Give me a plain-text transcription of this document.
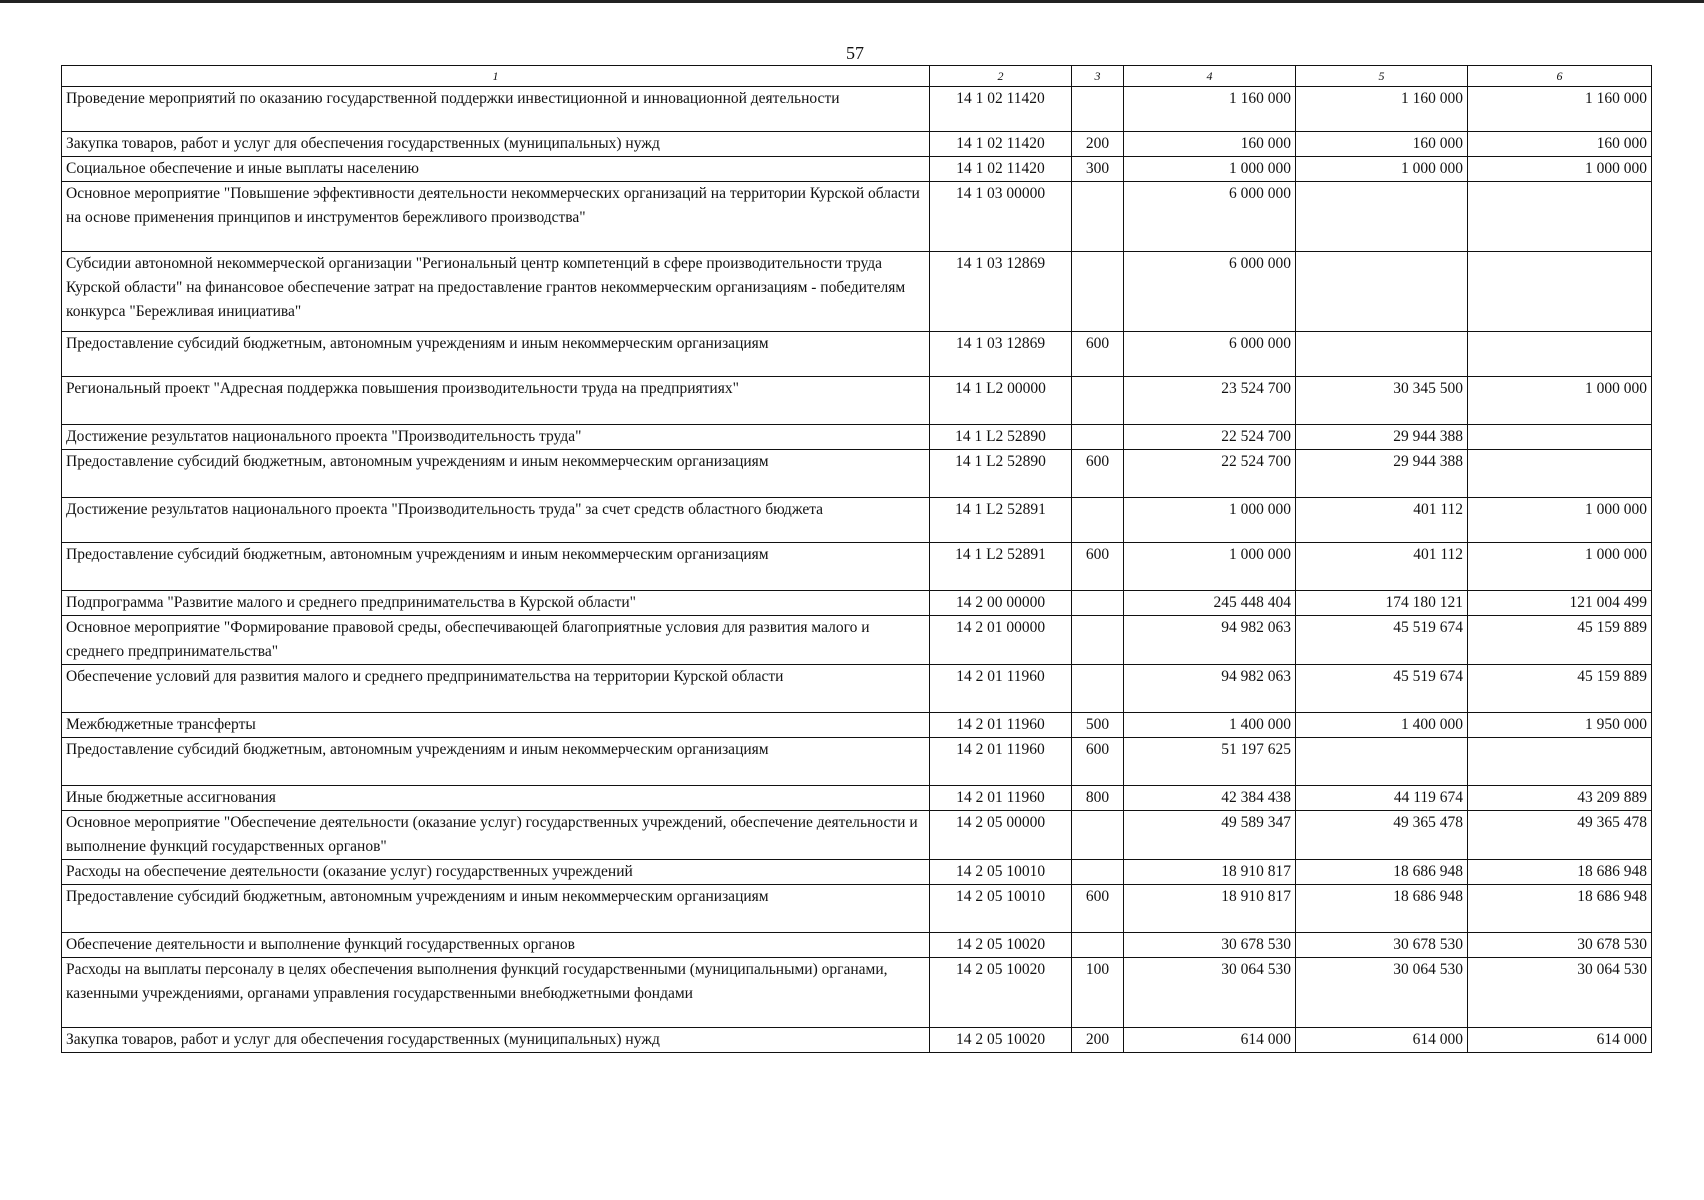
57
1	2	3	4	5	6
Проведение мероприятий по оказанию государственной поддержки инвестиционной и инновационной деятельности	14 1 02 11420		1 160 000	1 160 000	1 160 000
Закупка товаров, работ и услуг для обеспечения государственных (муниципальных) нужд	14 1 02 11420	200	160 000	160 000	160 000
Социальное обеспечение и иные выплаты населению	14 1 02 11420	300	1 000 000	1 000 000	1 000 000
Основное мероприятие "Повышение эффективности деятельности некоммерческих организаций на территории Курской области на основе применения принципов и инструментов бережливого производства"	14 1 03 00000		6 000 000		
Субсидии автономной некоммерческой организации "Региональный центр компетенций в сфере производительности труда Курской области" на финансовое обеспечение затрат на предоставление грантов некоммерческим организациям - победителям конкурса "Бережливая инициатива"	14 1 03 12869		6 000 000		
Предоставление субсидий бюджетным, автономным учреждениям и иным некоммерческим организациям	14 1 03 12869	600	6 000 000		
Региональный проект "Адресная поддержка повышения производительности труда на предприятиях"	14 1 L2 00000		23 524 700	30 345 500	1 000 000
Достижение результатов национального проекта "Производительность труда"	14 1 L2 52890		22 524 700	29 944 388	
Предоставление субсидий бюджетным, автономным учреждениям и иным некоммерческим организациям	14 1 L2 52890	600	22 524 700	29 944 388	
Достижение результатов национального проекта "Производительность труда" за счет средств областного бюджета	14 1 L2 52891		1 000 000	401 112	1 000 000
Предоставление субсидий бюджетным, автономным учреждениям и иным некоммерческим организациям	14 1 L2 52891	600	1 000 000	401 112	1 000 000
Подпрограмма "Развитие малого и среднего предпринимательства в Курской области"	14 2 00 00000		245 448 404	174 180 121	121 004 499
Основное мероприятие "Формирование правовой среды, обеспечивающей благоприятные условия для развития малого и среднего предпринимательства"	14 2 01 00000		94 982 063	45 519 674	45 159 889
Обеспечение условий для развития малого и среднего предпринимательства на территории Курской области	14 2 01 11960		94 982 063	45 519 674	45 159 889
Межбюджетные трансферты	14 2 01 11960	500	1 400 000	1 400 000	1 950 000
Предоставление субсидий бюджетным, автономным учреждениям и иным некоммерческим организациям	14 2 01 11960	600	51 197 625		
Иные бюджетные ассигнования	14 2 01 11960	800	42 384 438	44 119 674	43 209 889
Основное мероприятие "Обеспечение деятельности (оказание услуг) государственных учреждений, обеспечение деятельности и выполнение функций государственных органов"	14 2 05 00000		49 589 347	49 365 478	49 365 478
Расходы на обеспечение деятельности (оказание услуг) государственных учреждений	14 2 05 10010		18 910 817	18 686 948	18 686 948
Предоставление субсидий бюджетным, автономным учреждениям и иным некоммерческим организациям	14 2 05 10010	600	18 910 817	18 686 948	18 686 948
Обеспечение деятельности и выполнение функций государственных органов	14 2 05 10020		30 678 530	30 678 530	30 678 530
Расходы на выплаты персоналу в целях обеспечения выполнения функций государственными (муниципальными) органами, казенными учреждениями, органами управления государственными внебюджетными фондами	14 2 05 10020	100	30 064 530	30 064 530	30 064 530
Закупка товаров, работ и услуг для обеспечения государственных (муниципальных) нужд	14 2 05 10020	200	614 000	614 000	614 000
